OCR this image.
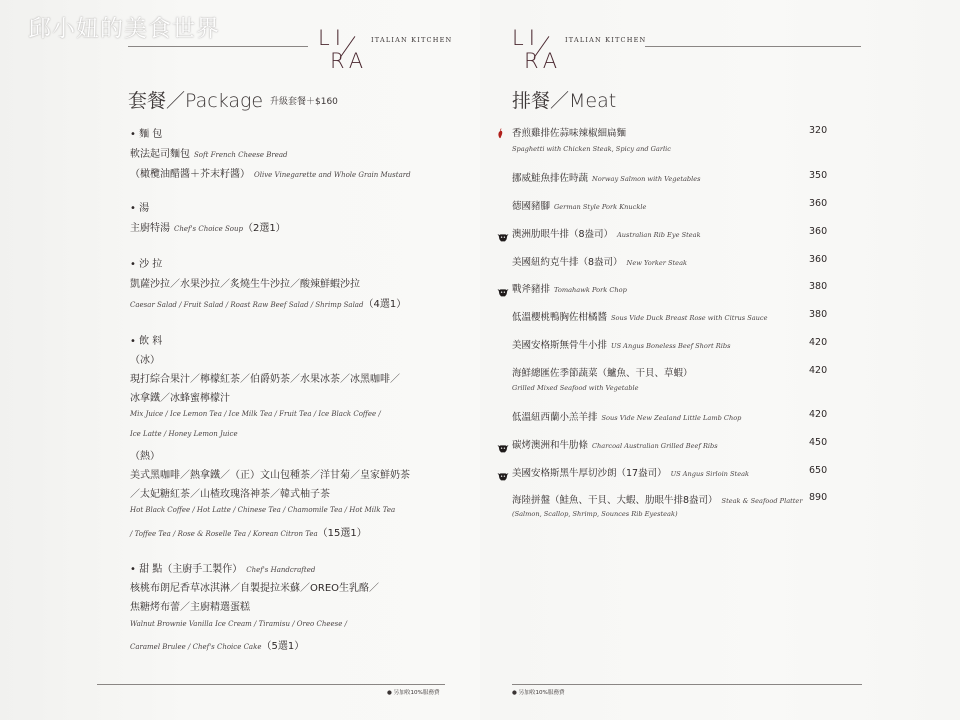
邱小妞的美食世界	LI
RA
ITALIAN KITCHEN	LI
RA
ITALIAN KITCHEN
套餐／Package 升級套餐＋$160
• 麵 包
軟法起司麵包 Soft French Cheese Bread
（橄欖油醋醬＋芥末籽醬） Olive Vinegarette and Whole Grain Mustard
• 湯
主廚特湯 Chef's Choice Soup（2選1）
• 沙 拉
凱薩沙拉／水果沙拉／炙燒生牛沙拉／酸辣鮮蝦沙拉
Caesar Salad / Fruit Salad / Roast Raw Beef Salad / Shrimp Salad（4選1）
• 飲 料
（冰）
現打綜合果汁／檸檬紅茶／伯爵奶茶／水果冰茶／冰黑咖啡／
冰拿鐵／冰蜂蜜檸檬汁
Mix Juice / Ice Lemon Tea / Ice Milk Tea / Fruit Tea / Ice Black Coffee /
Ice Latte / Honey Lemon Juice
（熱）
美式黑咖啡／熱拿鐵／（正）文山包種茶／洋甘菊／皇家鮮奶茶
／太妃糖紅茶／山楂玫瑰洛神茶／韓式柚子茶
Hot Black Coffee / Hot Latte / Chinese Tea / Chamomile Tea / Hot Milk Tea
/ Toffee Tea / Rose & Roselle Tea / Korean Citron Tea（15選1）
• 甜 點（主廚手工製作） Chef's Handcrafted
核桃布朗尼香草冰淇淋／自製提拉米蘇／OREO生乳酪／
焦糖烤布蕾／主廚精選蛋糕
Walnut Brownie Vanilla Ice Cream / Tiramisu / Oreo Cheese /
Caramel Brulee / Chef's Choice Cake（5選1）
● 另加收10%服務費
排餐／Meat
香煎雞排佐蒜味辣椒細扁麵	320
Spaghetti with Chicken Steak, Spicy and Garlic
挪威鮭魚排佐時蔬 Norway Salmon with Vegetables	350
德國豬腳 German Style Pork Knuckle	360
澳洲肋眼牛排（8盎司） Australian Rib Eye Steak	360
美國紐約克牛排（8盎司） New Yorker Steak	360
戰斧豬排 Tomahawk Pork Chop	380
低溫櫻桃鴨胸佐柑橘醬 Sous Vide Duck Breast Rose with Citrus Sauce	380
美國安格斯無骨牛小排 US Angus Boneless Beef Short Ribs	420
海鮮總匯佐季節蔬菜（鱸魚、干貝、草蝦）	420
Grilled Mixed Seafood with Vegetable
低溫紐西蘭小羔羊排 Sous Vide New Zealand Little Lamb Chop	420
碳烤澳洲和牛肋條 Charcoal Australian Grilled Beef Ribs	450
美國安格斯黑牛厚切沙朗（17盎司） US Angus Sirloin Steak	650
海陸拼盤（鮭魚、干貝、大蝦、肋眼牛排8盎司） Steak & Seafood Platter 890
(Salmon, Scallop, Shrimp, Sounces Rib Eyesteak)
● 另加收10%服務費
